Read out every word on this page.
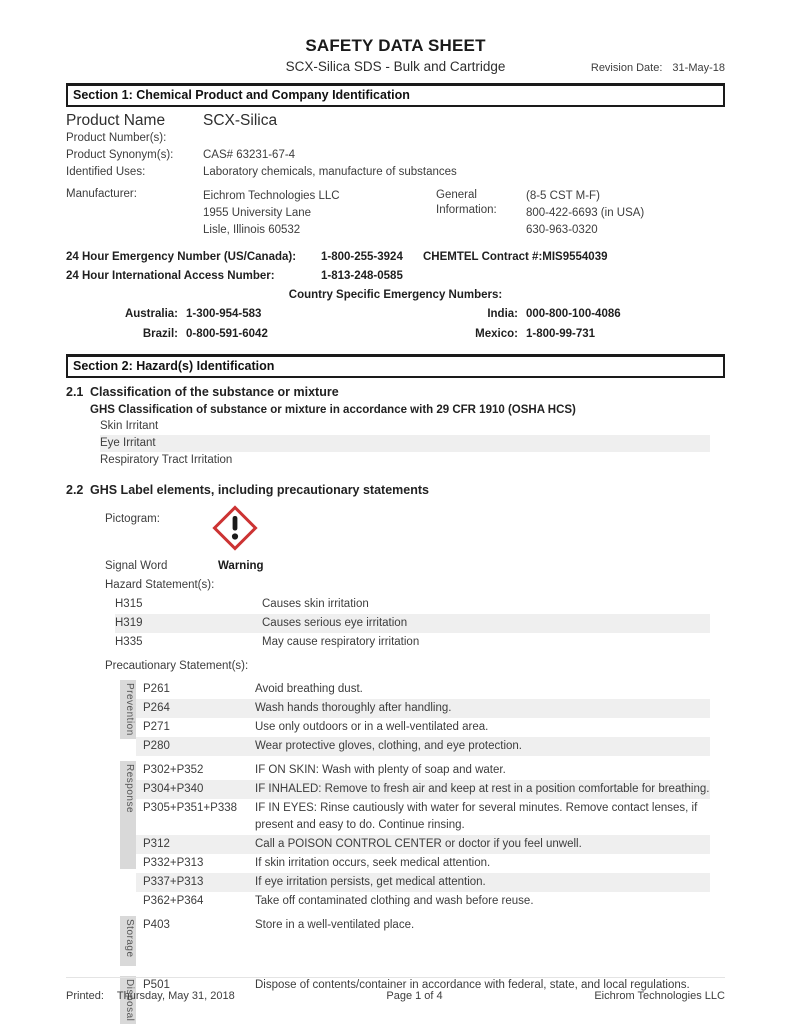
SAFETY DATA SHEET
SCX-Silica SDS - Bulk and Cartridge	Revision Date: 31-May-18
Section 1: Chemical Product and Company Identification
Product Name	SCX-Silica
Product Number(s):
Product Synonym(s):	CAS# 63231-67-4
Identified Uses:	Laboratory chemicals, manufacture of substances
Manufacturer:	Eichrom Technologies LLC
1955 University Lane
Lisle, Illinois 60532
General
Information:
(8-5 CST M-F)
800-422-6693 (in USA)
630-963-0320
24 Hour Emergency Number (US/Canada):	1-800-255-3924	CHEMTEL Contract #:MIS9554039
24 Hour International Access Number:	1-813-248-0585
Country Specific Emergency Numbers:
Australia: 1-300-954-583	India: 000-800-100-4086
Brazil: 0-800-591-6042	Mexico: 1-800-99-731
Section 2: Hazard(s) Identification
2.1 Classification of the substance or mixture
GHS Classification of substance or mixture in accordance with 29 CFR 1910 (OSHA HCS)
Skin Irritant
Eye Irritant
Respiratory Tract Irritation
2.2 GHS Label elements, including precautionary statements
Pictogram:
Signal Word	Warning
Hazard Statement(s):
H315	Causes skin irritation
H319	Causes serious eye irritation
H335	May cause respiratory irritation
Precautionary Statement(s):
Prevention P261	Avoid breathing dust.
P264	Wash hands thoroughly after handling.
P271	Use only outdoors or in a well-ventilated area.
P280	Wear protective gloves, clothing, and eye protection.
Response P302+P352	IF ON SKIN: Wash with plenty of soap and water.
P304+P340	IF INHALED: Remove to fresh air and keep at rest in a position comfortable for breathing.
P305+P351+P338	IF IN EYES: Rinse cautiously with water for several minutes. Remove contact lenses, if present and easy to do. Continue rinsing.
P312	Call a POISON CONTROL CENTER or doctor if you feel unwell.
P332+P313	If skin irritation occurs, seek medical attention.
P337+P313	If eye irritation persists, get medical attention.
P362+P364	Take off contaminated clothing and wash before reuse.
Storage P403	Store in a well-ventilated place.
Disposal P501	Dispose of contents/container in accordance with federal, state, and local regulations.
Printed: Thursday, May 31, 2018	Page 1 of 4	Eichrom Technologies LLC
